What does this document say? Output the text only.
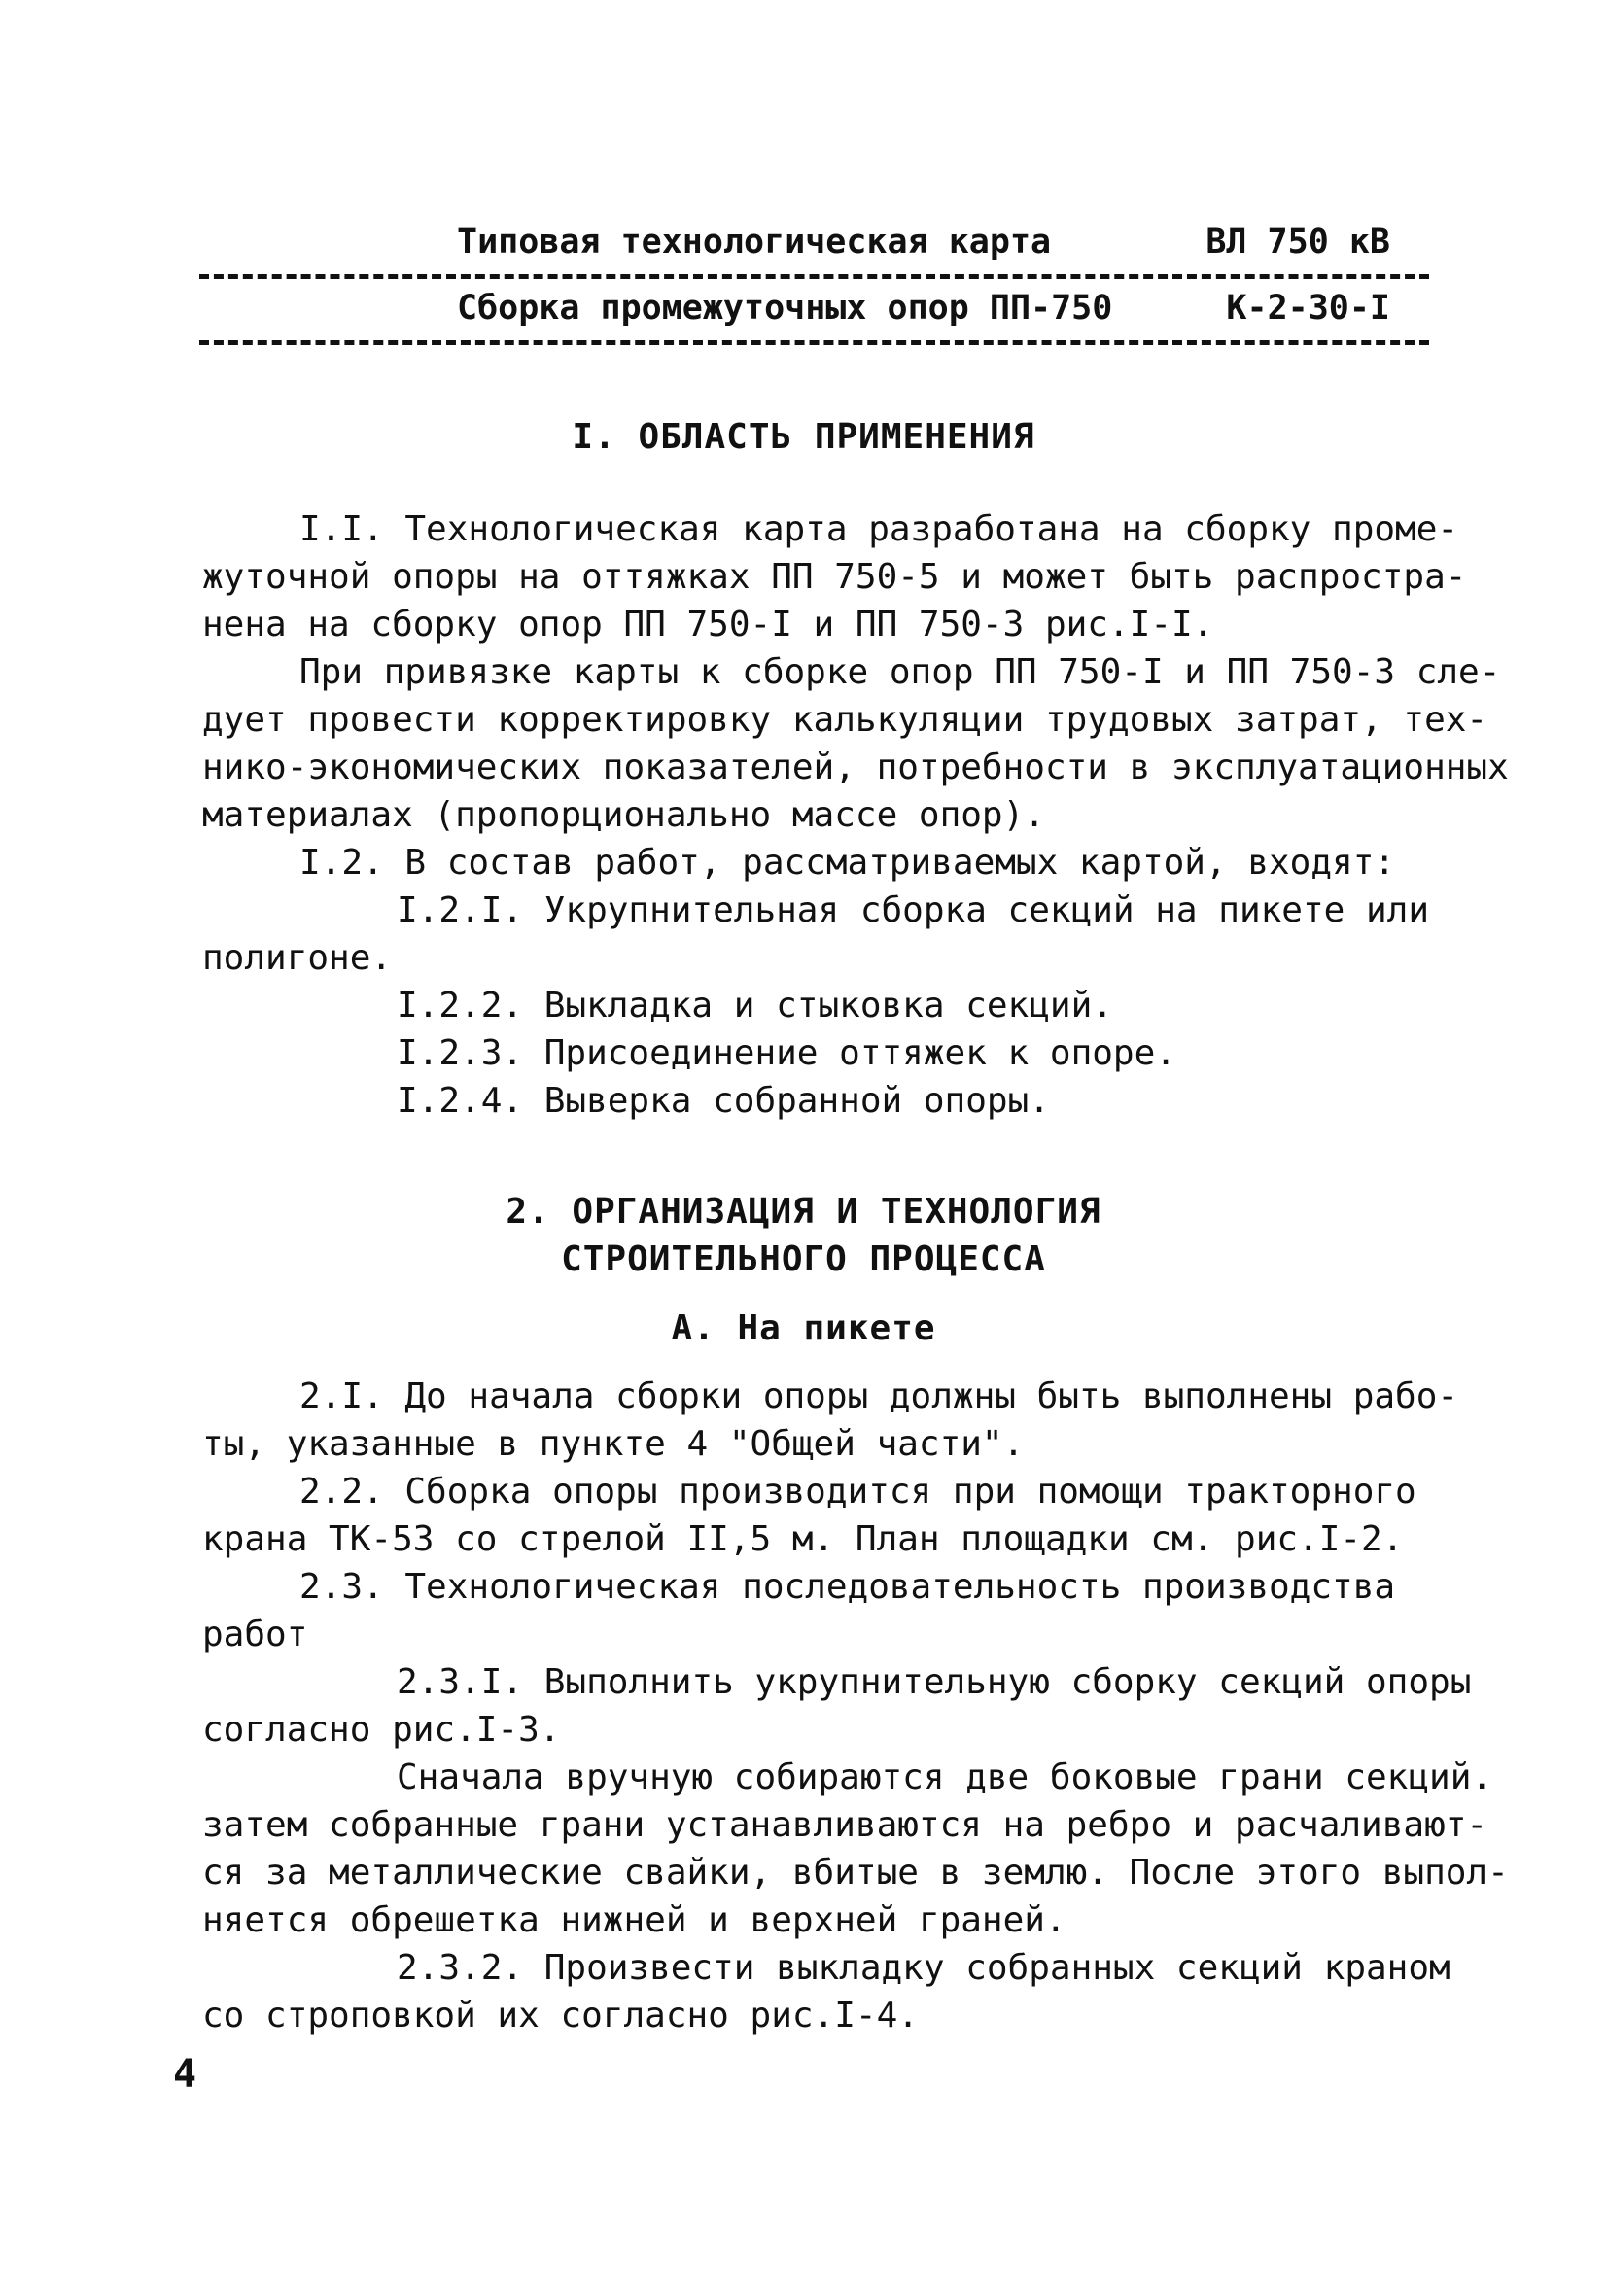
Типовая технологическая карта	ВЛ 750 кВ
Сборка промежуточных опор ПП-750	К-2-30-I
I. ОБЛАСТЬ ПРИМЕНЕНИЯ
I.I. Технологическая карта разработана на сборку проме-
жуточной опоры на оттяжках ПП 750-5 и может быть распростра-
нена на сборку опор ПП 750-I и ПП 750-3 рис.I-I.
При привязке карты к сборке опор ПП 750-I и ПП 750-3 сле-
дует провести корректировку калькуляции трудовых затрат, тех-
нико-экономических показателей, потребности в эксплуатационных
материалах (пропорционально массе опор).
I.2. В состав работ, рассматриваемых картой, входят:
I.2.I. Укрупнительная сборка секций на пикете или
полигоне.
I.2.2. Выкладка и стыковка секций.
I.2.3. Присоединение оттяжек к опоре.
I.2.4. Выверка собранной опоры.
2. ОРГАНИЗАЦИЯ И ТЕХНОЛОГИЯ
СТРОИТЕЛЬНОГО ПРОЦЕССА
А. На пикете
2.I. До начала сборки опоры должны быть выполнены рабо-
ты, указанные в пункте 4 "Общей части".
2.2. Сборка опоры производится при помощи тракторного
крана ТК-53 со стрелой II,5 м. План площадки см. рис.I-2.
2.3. Технологическая последовательность производства
работ
2.3.I. Выполнить укрупнительную сборку секций опоры
согласно рис.I-3.
Сначала вручную собираются две боковые грани секций.
затем собранные грани устанавливаются на ребро и расчаливают-
ся за металлические свайки, вбитые в землю. После этого выпол-
няется обрешетка нижней и верхней граней.
2.3.2. Произвести выкладку собранных секций краном
со строповкой их согласно рис.I-4.
4
